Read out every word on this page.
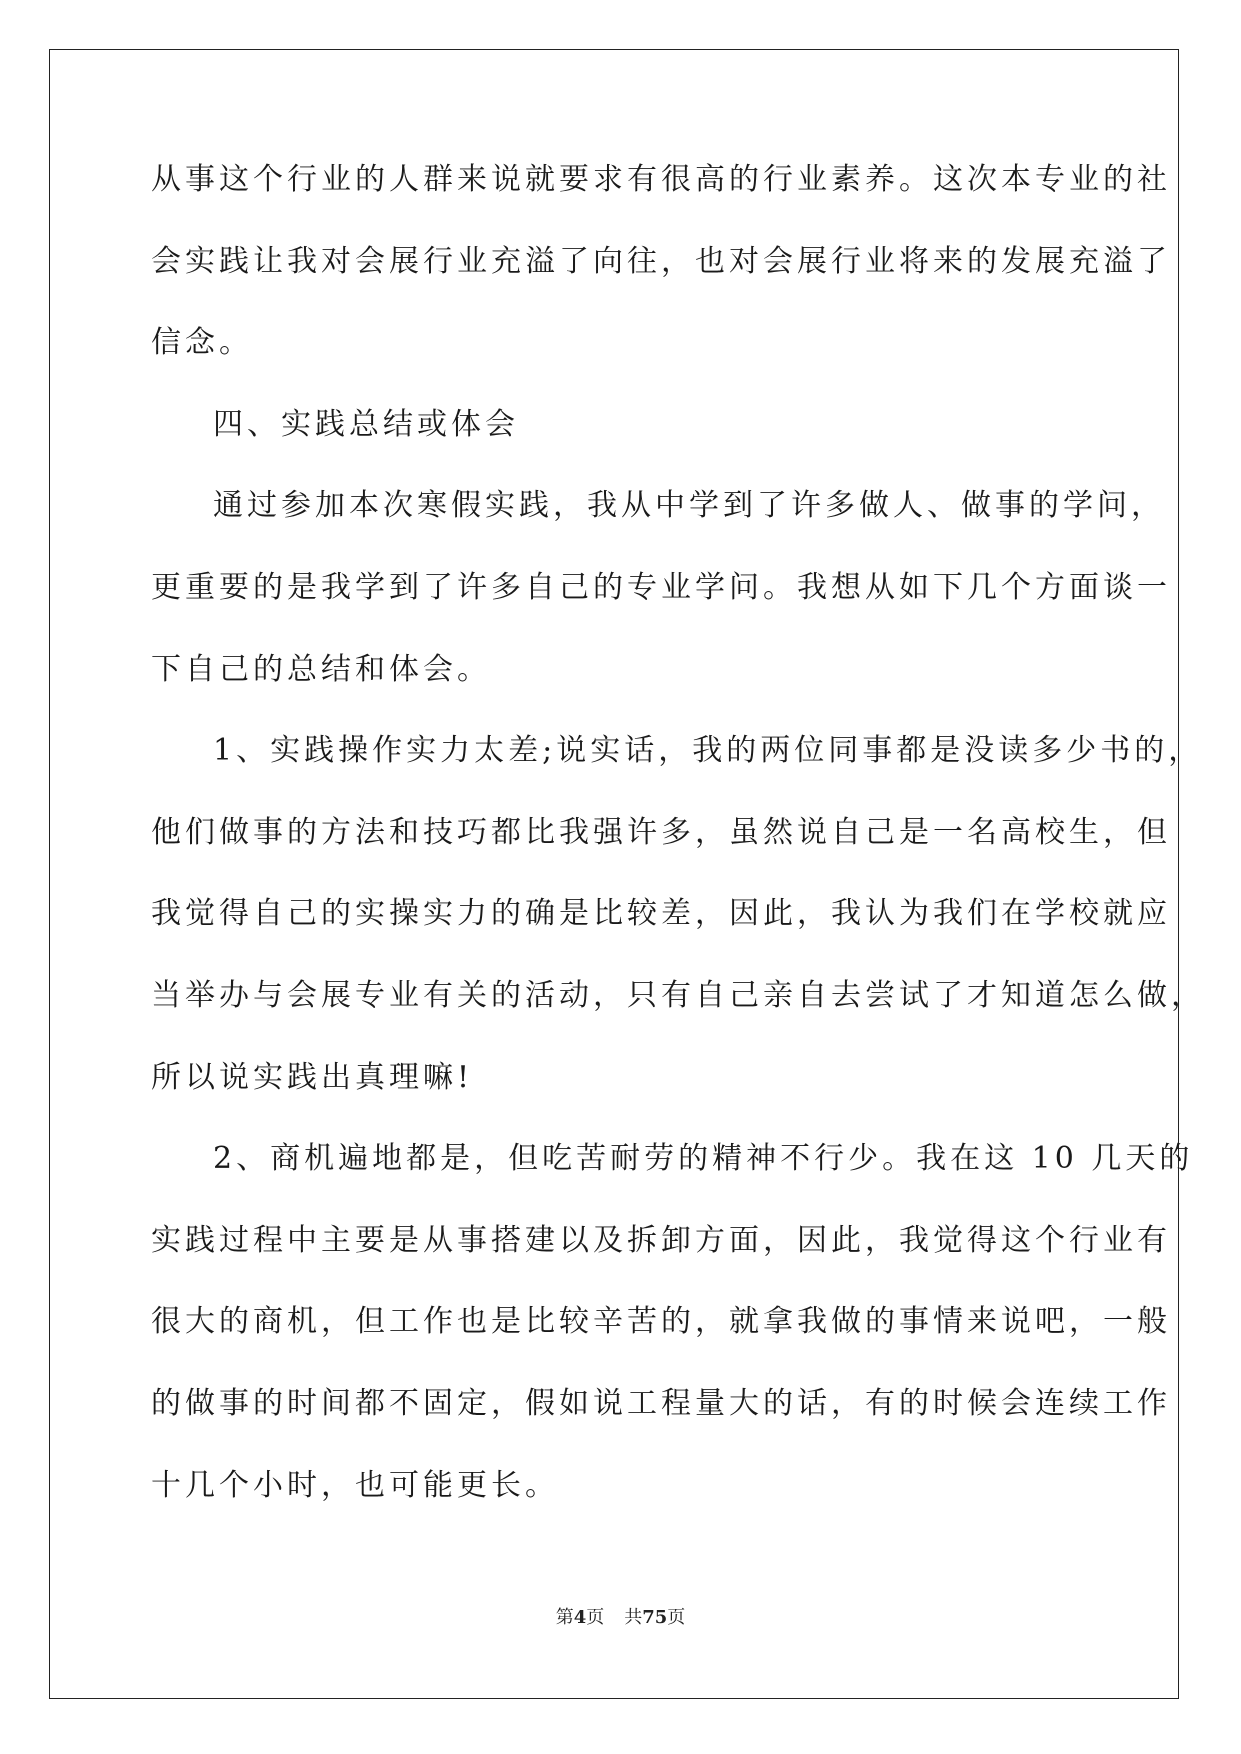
从事这个行业的人群来说就要求有很高的行业素养。这次本专业的社
会实践让我对会展行业充溢了向往，也对会展行业将来的发展充溢了
信念。
四、实践总结或体会
通过参加本次寒假实践，我从中学到了许多做人、做事的学问，
更重要的是我学到了许多自己的专业学问。我想从如下几个方面谈一
下自己的总结和体会。
1、实践操作实力太差;说实话，我的两位同事都是没读多少书的，
他们做事的方法和技巧都比我强许多，虽然说自己是一名高校生，但
我觉得自己的实操实力的确是比较差，因此，我认为我们在学校就应
当举办与会展专业有关的活动，只有自己亲自去尝试了才知道怎么做，
所以说实践出真理嘛!
2、商机遍地都是，但吃苦耐劳的精神不行少。我在这 10 几天的
实践过程中主要是从事搭建以及拆卸方面，因此，我觉得这个行业有
很大的商机，但工作也是比较辛苦的，就拿我做的事情来说吧，一般
的做事的时间都不固定，假如说工程量大的话，有的时候会连续工作
十几个小时，也可能更长。
第4页 共75页
